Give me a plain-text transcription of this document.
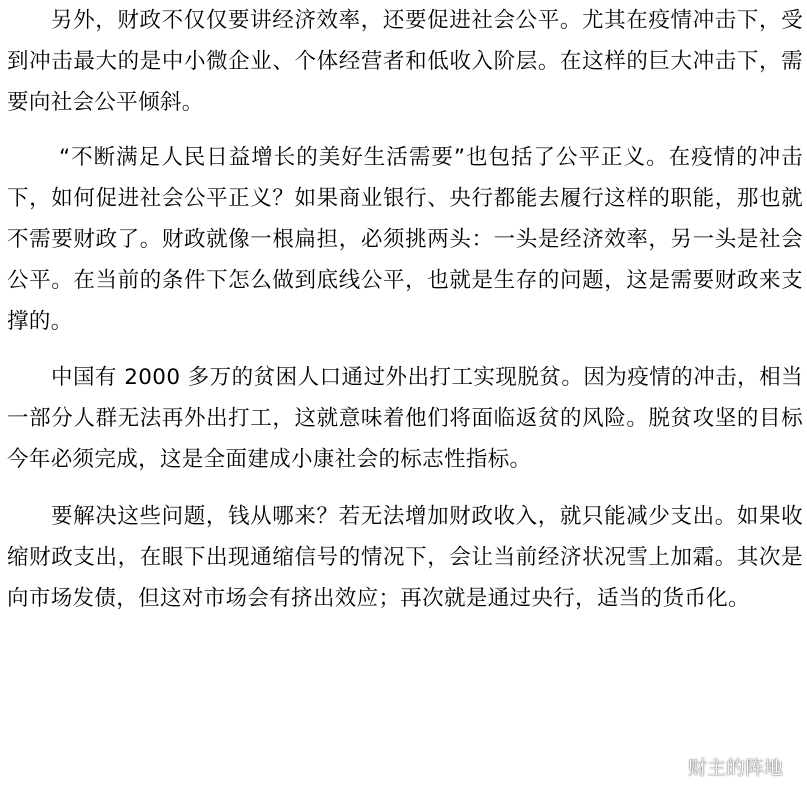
另外，财政不仅仅要讲经济效率，还要促进社会公平。尤其在疫情冲击下，受到冲击最大的是中小微企业、个体经营者和低收入阶层。在这样的巨大冲击下，需要向社会公平倾斜。

“不断满足人民日益增长的美好生活需要”也包括了公平正义。在疫情的冲击下，如何促进社会公平正义？如果商业银行、央行都能去履行这样的职能，那也就不需要财政了。财政就像一根扁担，必须挑两头：一头是经济效率，另一头是社会公平。在当前的条件下怎么做到底线公平，也就是生存的问题，这是需要财政来支撑的。

中国有 2000 多万的贫困人口通过外出打工实现脱贫。因为疫情的冲击，相当一部分人群无法再外出打工，这就意味着他们将面临返贫的风险。脱贫攻坚的目标今年必须完成，这是全面建成小康社会的标志性指标。

要解决这些问题，钱从哪来？若无法增加财政收入，就只能减少支出。如果收缩财政支出，在眼下出现通缩信号的情况下，会让当前经济状况雪上加霜。其次是向市场发债，但这对市场会有挤出效应；再次就是通过央行，适当的货币化。

财主的阵地
